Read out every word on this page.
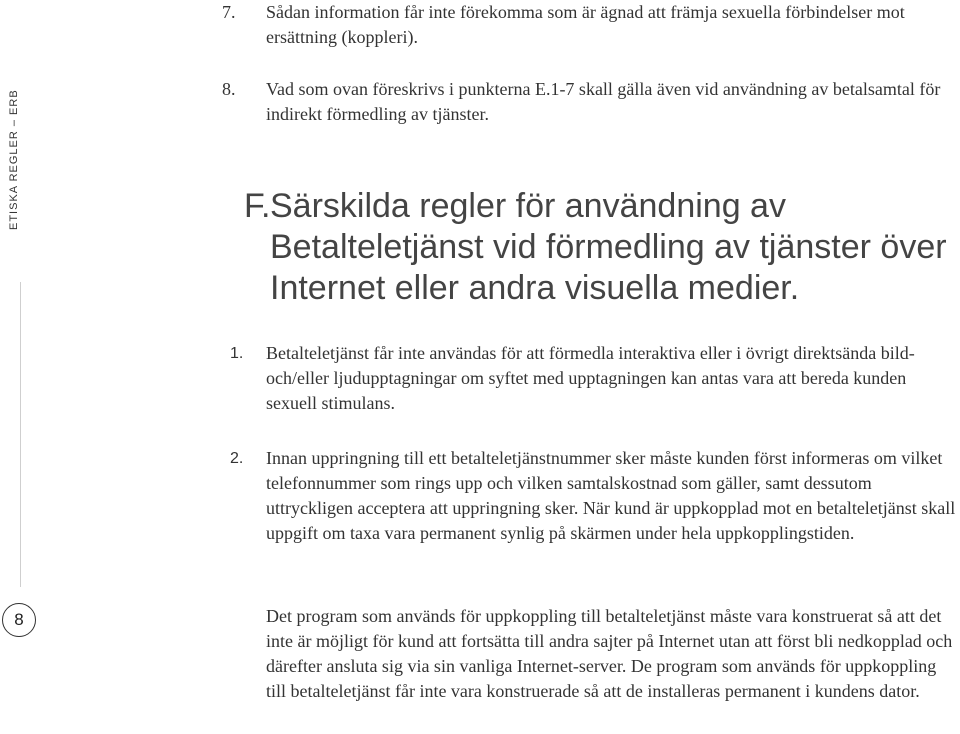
ETISKA REGLER – ERB
8
7.	Sådan information får inte förekomma som är ägnad att främja sexuella förbindelser mot ersättning (koppleri).
8.	Vad som ovan föreskrivs i punkterna E.1-7 skall gälla även vid användning av betalsamtal för indirekt förmedling av tjänster.
F. Särskilda regler för användning av Betalteletjänst vid förmedling av tjänster över Internet eller andra visuella medier.
1.	Betalteletjänst får inte användas för att förmedla interaktiva eller i övrigt direktsända bild- och/eller ljudupptagningar om syftet med upptagningen kan antas vara att bereda kunden sexuell stimulans.
2.	Innan uppringning till ett betalteletjänstnummer sker måste kunden först informeras om vilket telefonnummer som rings upp och vilken samtalskostnad som gäller, samt dessutom uttryckligen acceptera att uppringning sker. När kund är uppkopplad mot en betalteletjänst skall uppgift om taxa vara permanent synlig på skärmen under hela uppkopplingstiden.
Det program som används för uppkoppling till betalteletjänst måste vara konstruerat så att det inte är möjligt för kund att fortsätta till andra sajter på Internet utan att först bli nedkopplad och därefter ansluta sig via sin vanliga Internet-server. De program som används för uppkoppling till betalteletjänst får inte vara konstruerade så att de installeras permanent i kundens dator.
